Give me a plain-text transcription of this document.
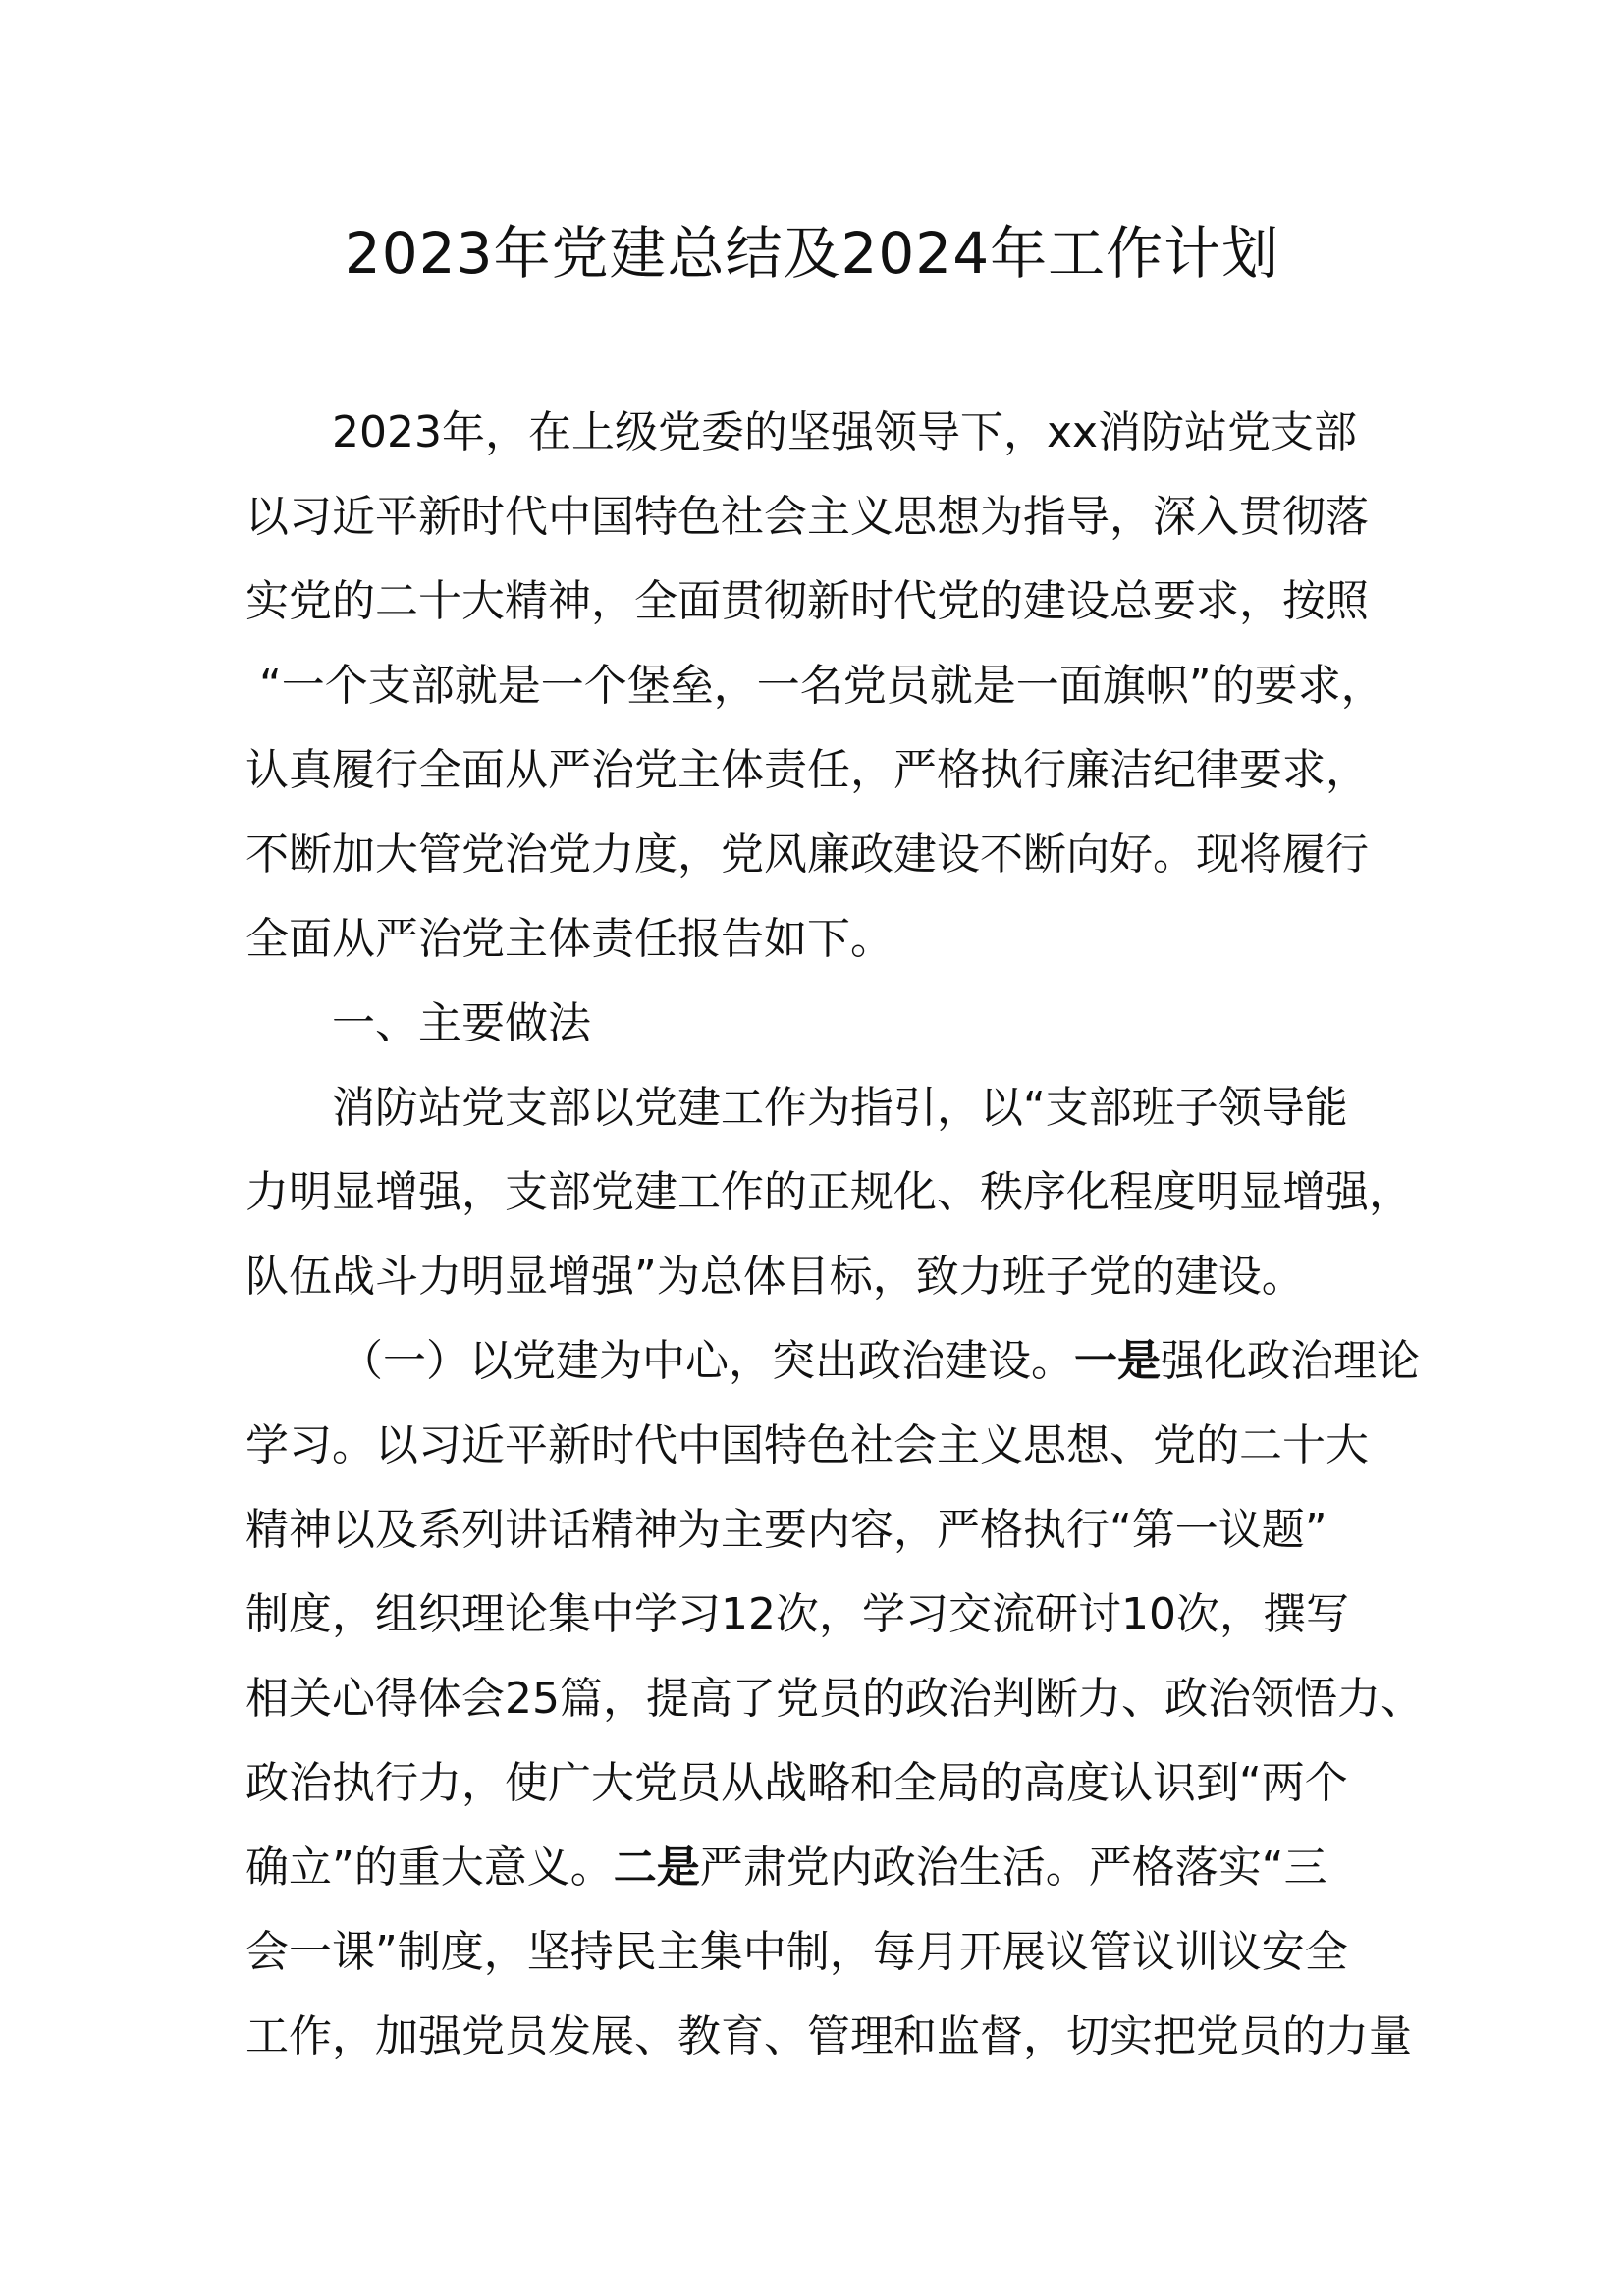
2023年党建总结及2024年工作计划
2023年，在上级党委的坚强领导下，xx消防站党支部
以习近平新时代中国特色社会主义思想为指导，深入贯彻落
实党的二十大精神，全面贯彻新时代党的建设总要求，按照
“一个支部就是一个堡垒，一名党员就是一面旗帜”的要求，
认真履行全面从严治党主体责任，严格执行廉洁纪律要求，
不断加大管党治党力度，党风廉政建设不断向好。现将履行
全面从严治党主体责任报告如下。
一、主要做法
消防站党支部以党建工作为指引，以“支部班子领导能
力明显增强，支部党建工作的正规化、秩序化程度明显增强，
队伍战斗力明显增强”为总体目标，致力班子党的建设。
（一）以党建为中心，突出政治建设。一是强化政治理论
学习。以习近平新时代中国特色社会主义思想、党的二十大
精神以及系列讲话精神为主要内容，严格执行“第一议题”
制度，组织理论集中学习12次，学习交流研讨10次，撰写
相关心得体会25篇，提高了党员的政治判断力、政治领悟力、
政治执行力，使广大党员从战略和全局的高度认识到“两个
确立”的重大意义。二是严肃党内政治生活。严格落实“三
会一课”制度，坚持民主集中制，每月开展议管议训议安全
工作，加强党员发展、教育、管理和监督，切实把党员的力量
